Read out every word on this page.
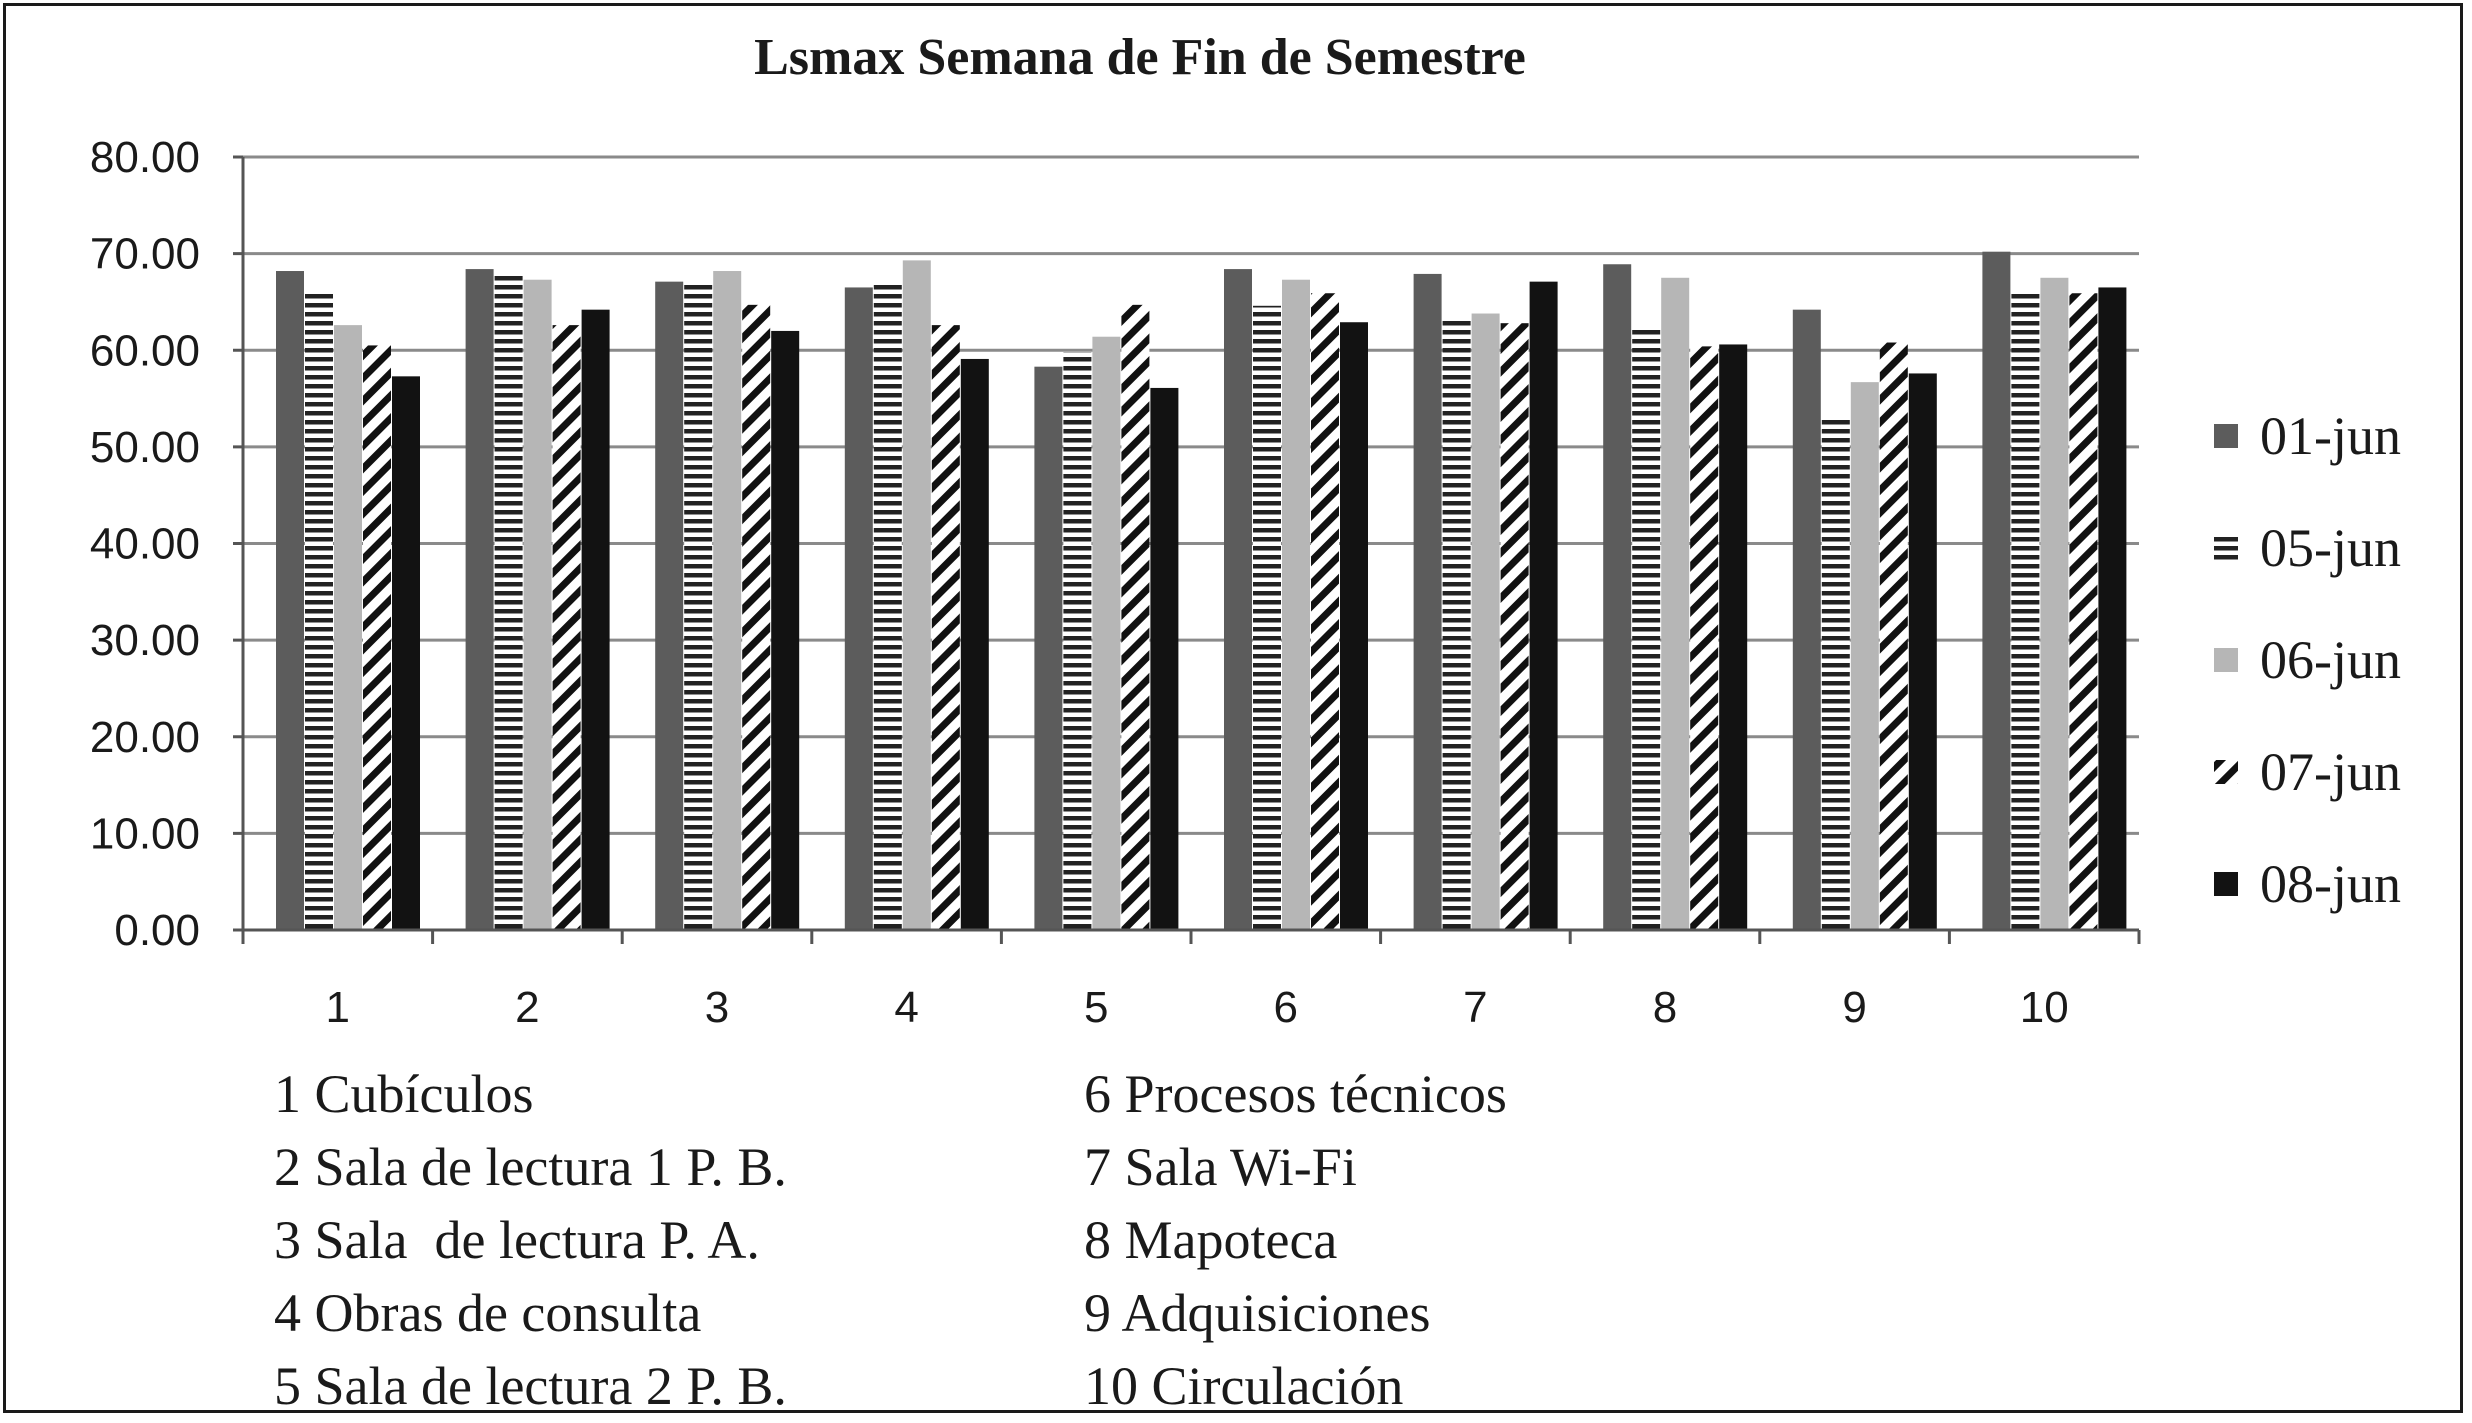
0.00
10.00
20.00
30.00
40.00
50.00
60.00
70.00
80.00
1	2	3	4	5	6	7	8	9	10
01-jun
05-jun
06-jun
07-jun
08-jun
Lsmax Semana de Fin de Semestre
1 Cubículos
2 Sala de lectura 1 P. B.
3 Sala  de lectura P. A.
4 Obras de consulta
5 Sala de lectura 2 P. B.
6 Procesos técnicos
7 Sala Wi-Fi
8 Mapoteca
9 Adquisiciones
10 Circulación
